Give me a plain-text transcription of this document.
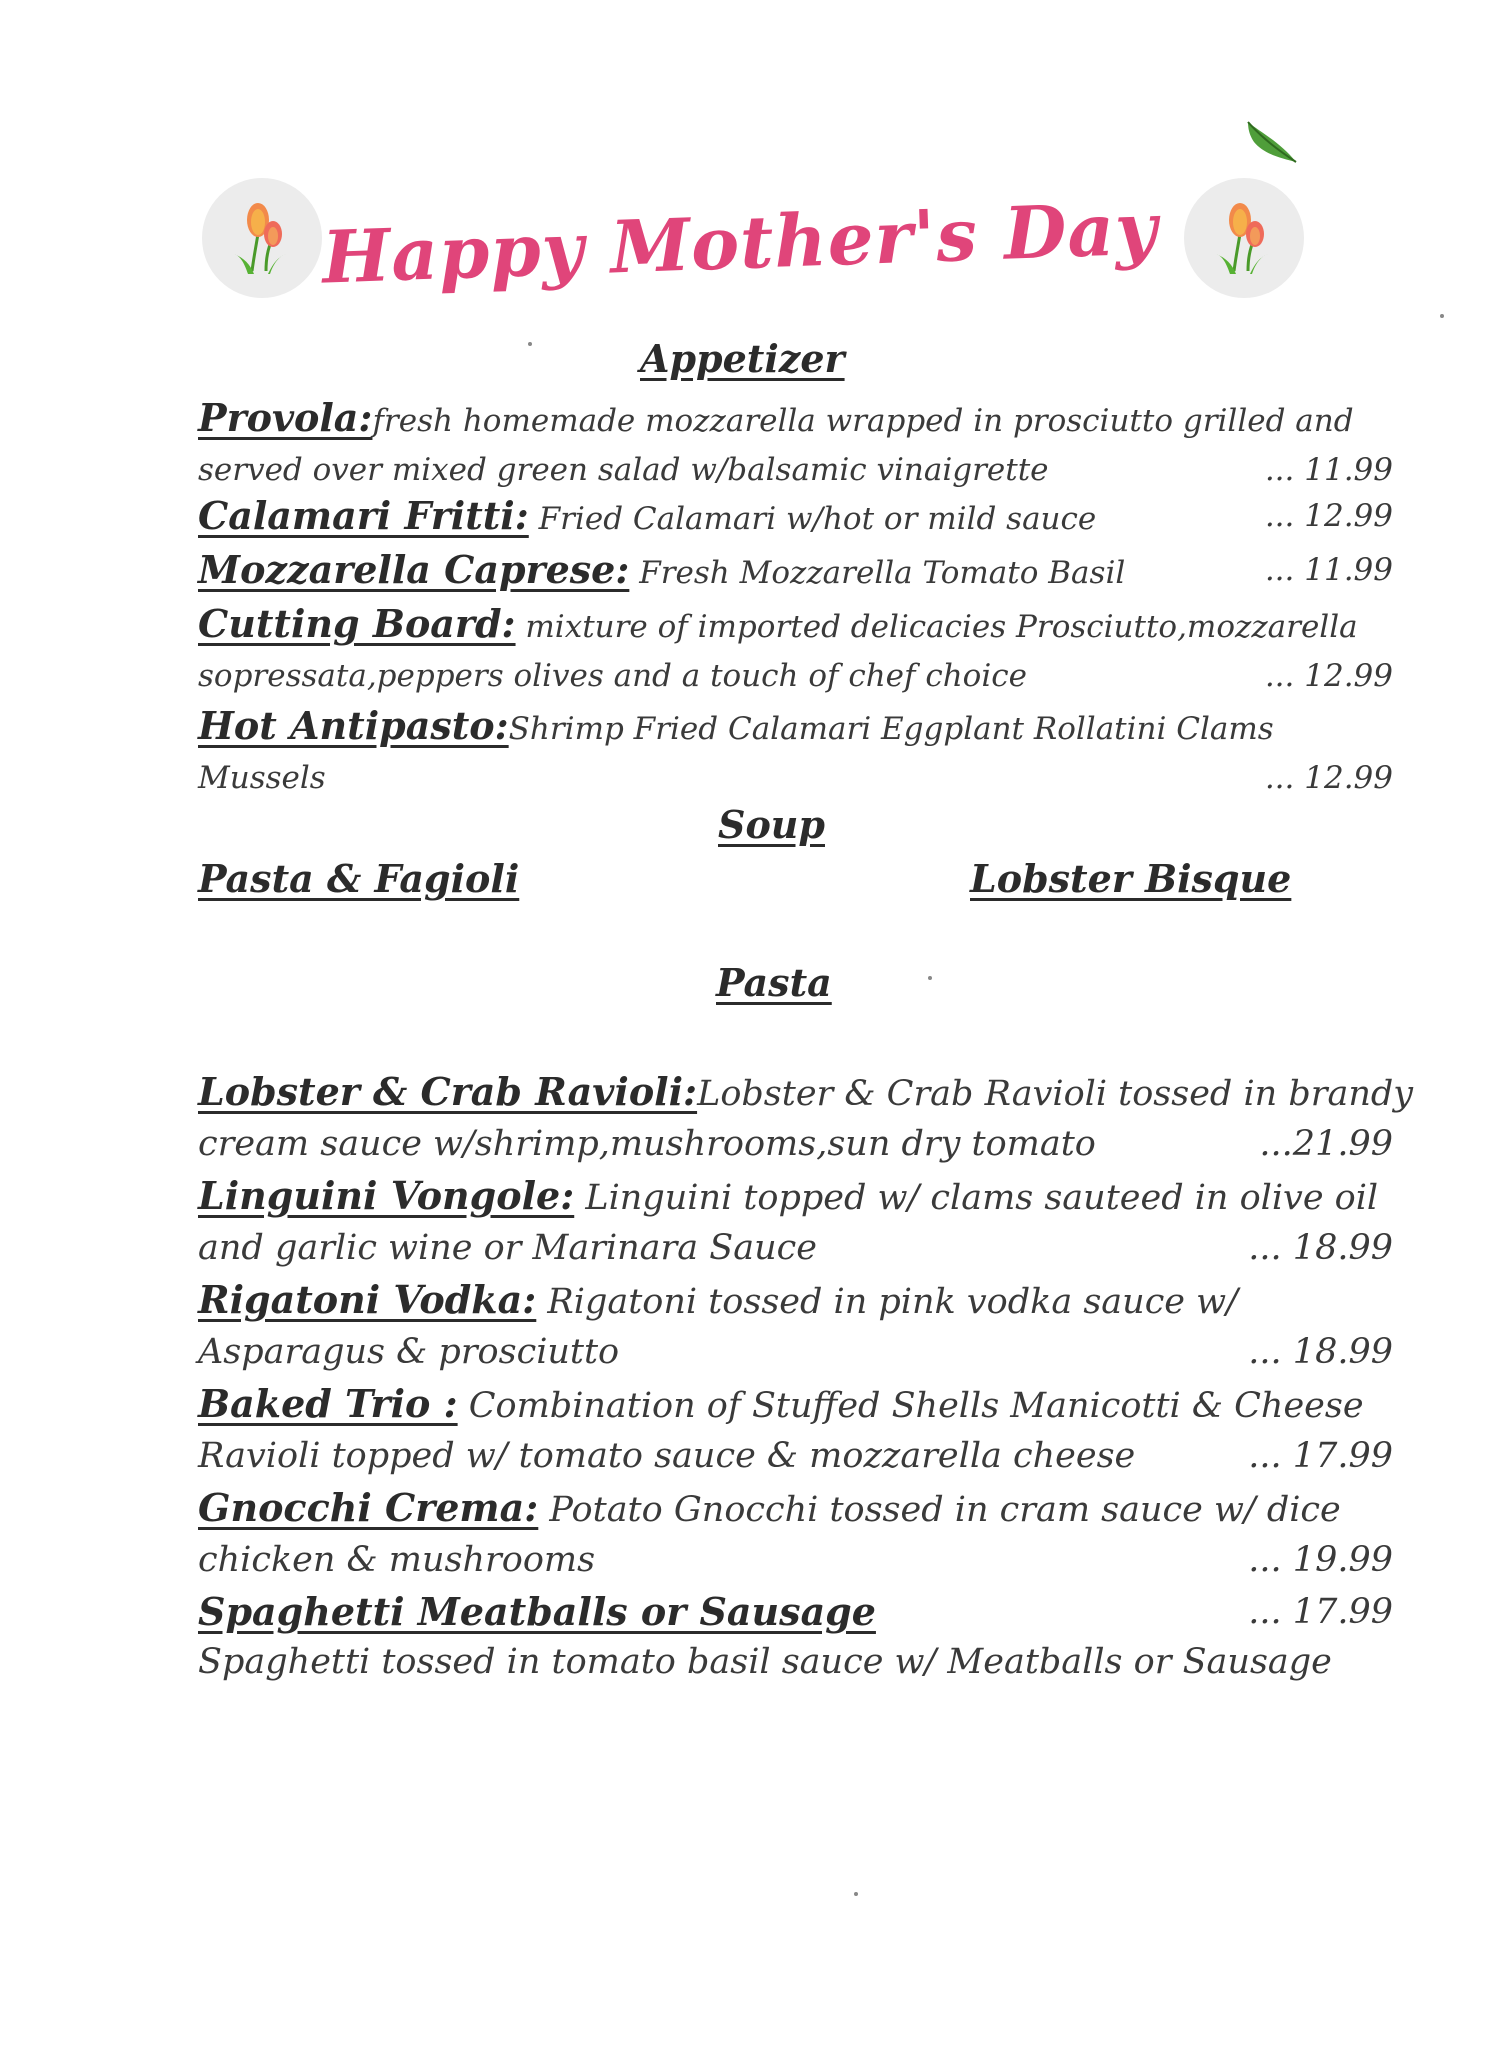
Happy Mother's Day
Appetizer
Provola:fresh homemade mozzarella wrapped in prosciutto grilled and
served over mixed green salad w/balsamic vinaigrette	... 11.99
Calamari Fritti: Fried Calamari w/hot or mild sauce	... 12.99
Mozzarella Caprese: Fresh Mozzarella Tomato Basil	... 11.99
Cutting Board: mixture of imported delicacies Prosciutto,mozzarella
sopressata,peppers olives and a touch of chef choice	... 12.99
Hot Antipasto:Shrimp Fried Calamari Eggplant Rollatini Clams
Mussels	... 12.99
Soup
Pasta & Fagioli	Lobster Bisque
Pasta
Lobster & Crab Ravioli:Lobster & Crab Ravioli tossed in brandy
cream sauce w/shrimp,mushrooms,sun dry tomato	...21.99
Linguini Vongole: Linguini topped w/ clams sauteed in olive oil
and garlic wine or Marinara Sauce	... 18.99
Rigatoni Vodka: Rigatoni tossed in pink vodka sauce w/
Asparagus & prosciutto	... 18.99
Baked Trio : Combination of Stuffed Shells Manicotti & Cheese
Ravioli topped w/ tomato sauce & mozzarella cheese	... 17.99
Gnocchi Crema: Potato Gnocchi tossed in cram sauce w/ dice
chicken & mushrooms	... 19.99
Spaghetti Meatballs or Sausage	... 17.99
Spaghetti tossed in tomato basil sauce w/ Meatballs or Sausage
